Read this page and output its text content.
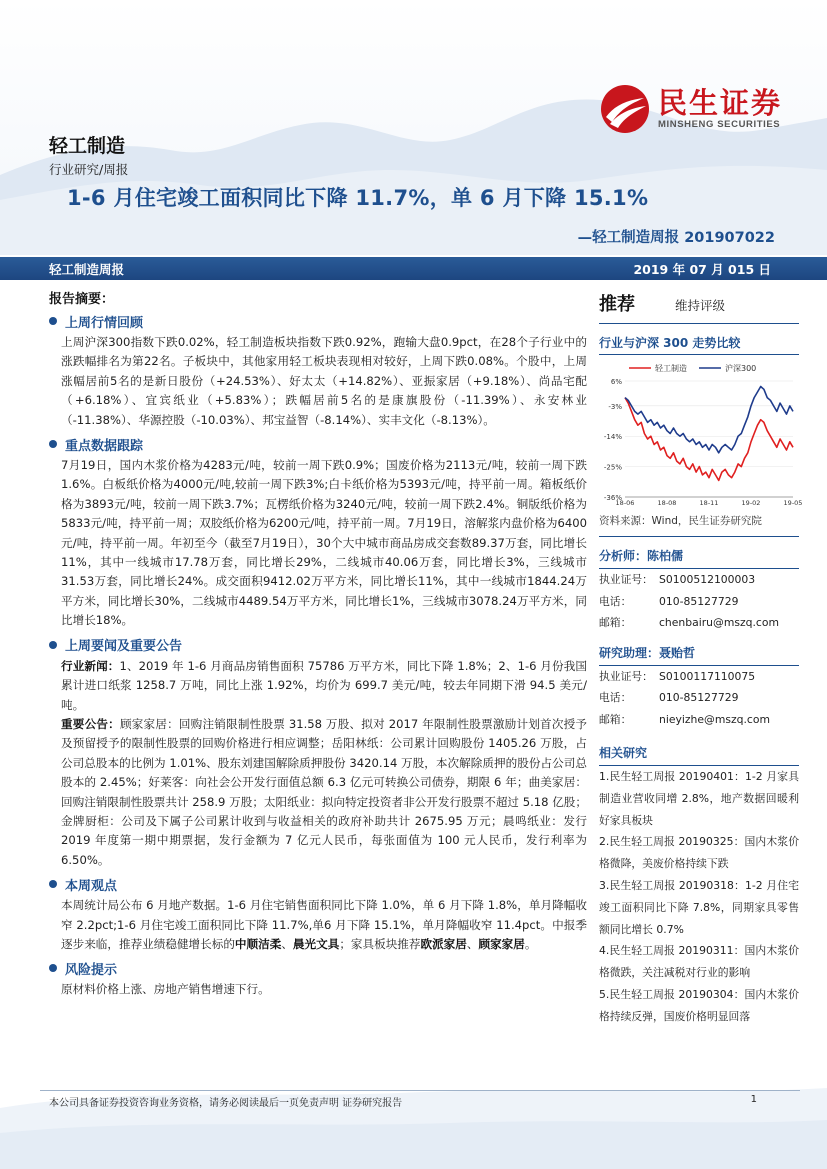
民生证券
MINSHENG SECURITIES
轻工制造
行业研究/周报
1-6 月住宅竣工面积同比下降 11.7%，单 6 月下降 15.1%
—轻工制造周报 201907022
轻工制造周报	2019 年 07 月 015 日
报告摘要：
上周行情回顾
上周沪深300指数下跌0.02%，轻工制造板块指数下跌0.92%，跑输大盘0.9pct，在28个子行业中的涨跌幅排名为第22名。子板块中，其他家用轻工板块表现相对较好，上周下跌0.08%。个股中，上周涨幅居前5名的是新日股份（+24.53%）、好太太（+14.82%）、亚振家居（+9.18%）、尚品宅配（+6.18%）、宜宾纸业（+5.83%）；跌幅居前5名的是康旗股份（-11.39%）、永安林业（-11.38%）、华源控股（-10.03%）、邦宝益智（-8.14%）、实丰文化（-8.13%）。
重点数据跟踪
7月19日，国内木浆价格为4283元/吨，较前一周下跌0.9%；国废价格为2113元/吨，较前一周下跌1.6%。白板纸价格为4000元/吨,较前一周下跌3%;白卡纸价格为5393元/吨，持平前一周。箱板纸价格为3893元/吨，较前一周下跌3.7%；瓦楞纸价格为3240元/吨，较前一周下跌2.4%。铜版纸价格为5833元/吨，持平前一周；双胶纸价格为6200元/吨，持平前一周。7月19日，溶解浆内盘价格为6400元/吨，持平前一周。年初至今（截至7月19日），30个大中城市商品房成交套数89.37万套，同比增长11%，其中一线城市17.78万套，同比增长29%，二线城市40.06万套，同比增长3%，三线城市31.53万套，同比增长24%。成交面积9412.02万平方米，同比增长11%，其中一线城市1844.24万平方米，同比增长30%，二线城市4489.54万平方米，同比增长1%，三线城市3078.24万平方米，同比增长18%。
上周要闻及重要公告
行业新闻：1、2019 年 1-6 月商品房销售面积 75786 万平方米，同比下降 1.8%；2、1-6 月份我国累计进口纸浆 1258.7 万吨，同比上涨 1.92%，均价为 699.7 美元/吨，较去年同期下滑 94.5 美元/吨。
重要公告：顾家家居：回购注销限制性股票 31.58 万股、拟对 2017 年限制性股票激励计划首次授予及预留授予的限制性股票的回购价格进行相应调整；岳阳林纸：公司累计回购股份 1405.26 万股，占公司总股本的比例为 1.01%、股东刘建国解除质押股份 3420.14 万股，本次解除质押的股份占公司总股本的 2.45%；好莱客：向社会公开发行面值总额 6.3 亿元可转换公司债券，期限 6 年；曲美家居：回购注销限制性股票共计 258.9 万股；太阳纸业：拟向特定投资者非公开发行股票不超过 5.18 亿股；金牌厨柜：公司及下属子公司累计收到与收益相关的政府补助共计 2675.95 万元；晨鸣纸业：发行 2019 年度第一期中期票据，发行金额为 7 亿元人民币，每张面值为 100 元人民币，发行利率为 6.50%。
本周观点
本周统计局公布 6 月地产数据。1-6 月住宅销售面积同比下降 1.0%，单 6 月下降 1.8%，单月降幅收窄 2.2pct;1-6 月住宅竣工面积同比下降 11.7%,单6 月下降 15.1%，单月降幅收窄 11.4pct。中报季逐步来临，推荐业绩稳健增长标的中顺洁柔、晨光文具；家具板块推荐欧派家居、顾家家居。
风险提示
原材料价格上涨、房地产销售增速下行。
推荐	维持评级
行业与沪深 300 走势比较
轻工制造	沪深300
6%
-3%
-14%
-25%
-36%
18-06	18-08	18-11	19-02	19-05
资料来源：Wind，民生证券研究院
分析师：陈柏儒
执业证号： S0100512100003
电话：	010-85127729
邮箱：	chenbairu@mszq.com
研究助理：聂贻哲
执业证号： S0100117110075
电话：	010-85127729
邮箱：	nieyizhe@mszq.com
相关研究
1.民生轻工周报 20190401：1-2 月家具制造业营收同增 2.8%，地产数据回暖利好家具板块
2.民生轻工周报 20190325：国内木浆价格微降，美废价格持续下跌
3.民生轻工周报 20190318：1-2 月住宅竣工面积同比下降 7.8%，同期家具零售额同比增长 0.7%
4.民生轻工周报 20190311：国内木浆价格微跌，关注减税对行业的影响
5.民生轻工周报 20190304：国内木浆价格持续反弹，国废价格明显回落
本公司具备证券投资咨询业务资格，请务必阅读最后一页免责声明 证券研究报告	1
